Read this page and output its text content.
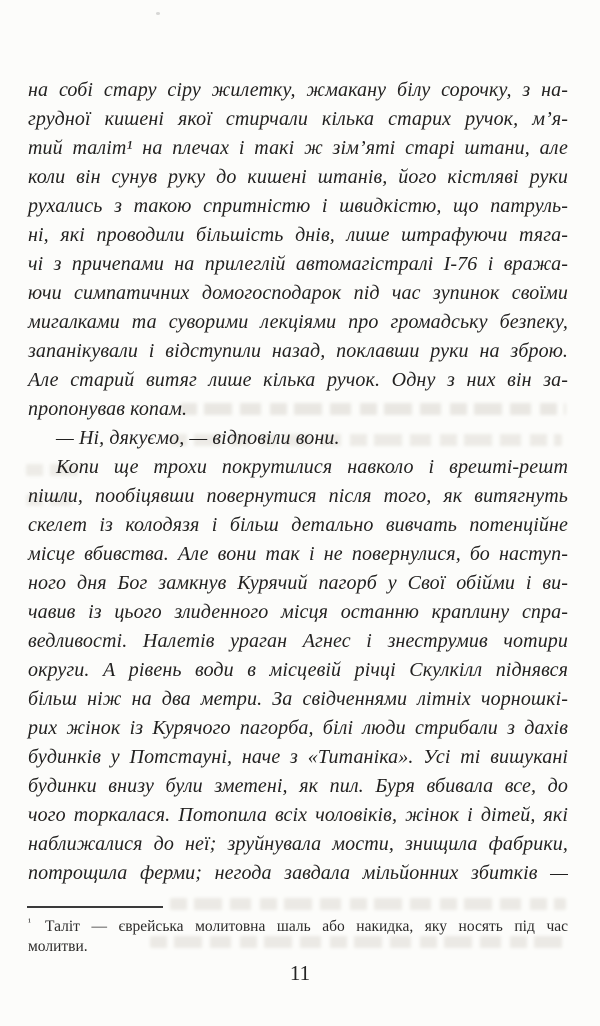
на собі стару сіру жилетку, жмакану білу сорочку, з на-
грудної кишені якої стирчали кілька старих ручок, м’я-
тий таліт¹ на плечах і такі ж зім’яті старі штани, але
коли він сунув руку до кишені штанів, його кістляві руки
рухались з такою спритністю і швидкістю, що патруль-
ні, які проводили більшість днів, лише штрафуючи тяга-
чі з причепами на прилеглій автомагістралі І-76 і вража-
ючи симпатичних домогосподарок під час зупинок своїми
мигалками та суворими лекціями про громадську безпеку,
запанікували і відступили назад, поклавши руки на зброю.
Але старий витяг лише кілька ручок. Одну з них він за-
пропонував копам.
— Ні, дякуємо, — відповіли вони.
Копи ще трохи покрутилися навколо і врешті-решт
пішли, пообіцявши повернутися після того, як витягнуть
скелет із колодязя і більш детально вивчать потенційне
місце вбивства. Але вони так і не повернулися, бо наступ-
ного дня Бог замкнув Курячий пагорб у Свої обійми і ви-
чавив із цього злиденного місця останню краплину спра-
ведливості. Налетів ураган Агнес і знеструмив чотири
округи. А рівень води в місцевій річці Скулкілл піднявся
більш ніж на два метри. За свідченнями літніх чорношкі-
рих жінок із Курячого пагорба, білі люди стрибали з дахів
будинків у Потстауні, наче з «Титаніка». Усі ті вишукані
будинки внизу були зметені, як пил. Буря вбивала все, до
чого торкалася. Потопила всіх чоловіків, жінок і дітей, які
наближалися до неї; зруйнувала мости, знищила фабрики,
потрощила ферми; негода завдала мільйонних збитків —
$^{^1}$ Таліт — єврейська молитовна шаль або накидка, яку носять під час
молитви.
11
